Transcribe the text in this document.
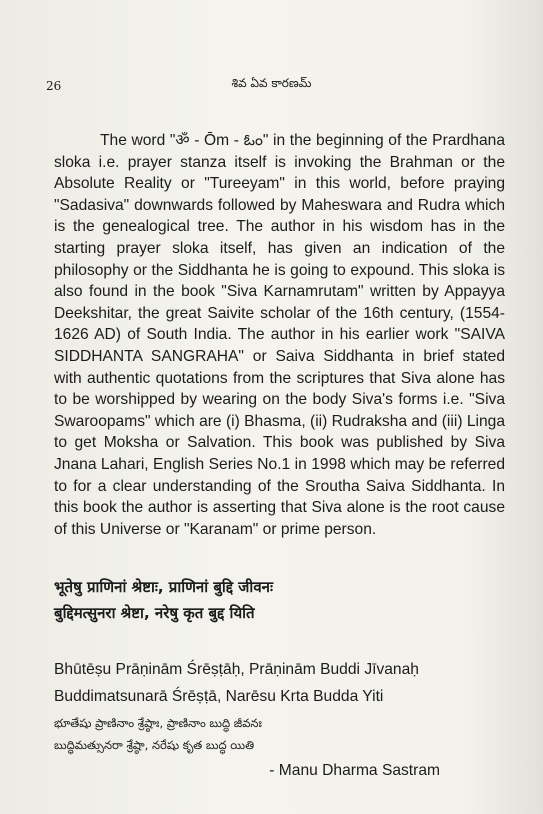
26	శివ ఏవ కారణమ్

The word "ॐ - Ōm - ఓం" in the beginning of the Prardhana sloka i.e. prayer stanza itself is invoking the Brahman or the Absolute Reality or "Tureeyam" in this world, before praying "Sadasiva" downwards followed by Maheswara and Rudra which is the genealogical tree. The author in his wisdom has in the starting prayer sloka itself, has given an indication of the philosophy or the Siddhanta he is going to expound. This sloka is also found in the book "Siva Karnamrutam" written by Appayya Deekshitar, the great Saivite scholar of the 16th century, (1554-1626 AD) of South India. The author in his earlier work "SAIVA SIDDHANTA SANGRAHA" or Saiva Siddhanta in brief stated with authentic quotations from the scriptures that Siva alone has to be worshipped by wearing on the body Siva's forms i.e. "Siva Swaroopams" which are (i) Bhasma, (ii) Rudraksha and (iii) Linga to get Moksha or Salvation. This book was published by Siva Jnana Lahari, English Series No.1 in 1998 which may be referred to for a clear understanding of the Sroutha Saiva Siddhanta. In this book the author is asserting that Siva alone is the root cause of this Universe or "Karanam" or prime person.

भूतेषु प्राणिनां श्रेष्टाः, प्राणिनां बुद्दि जीवनः
बुद्दिमत्सुनरा श्रेष्टा, नरेषु कृत बुद्द यिति
Bhūtēṣu Prāṇinām Śrēṣṭāḥ, Prāṇinām Buddi Jīvanaḥ
Buddimatsunarā Śrēṣṭā, Narēsu Krta Budda Yiti
భూతేషు ప్రాణినాం శ్రేష్ఠాః, ప్రాణినాం బుద్ధి జీవనః
బుద్ధిమత్సునరా శ్రేష్ఠా, నరేషు కృత బుద్ధ యితి
- Manu Dharma Sastram
